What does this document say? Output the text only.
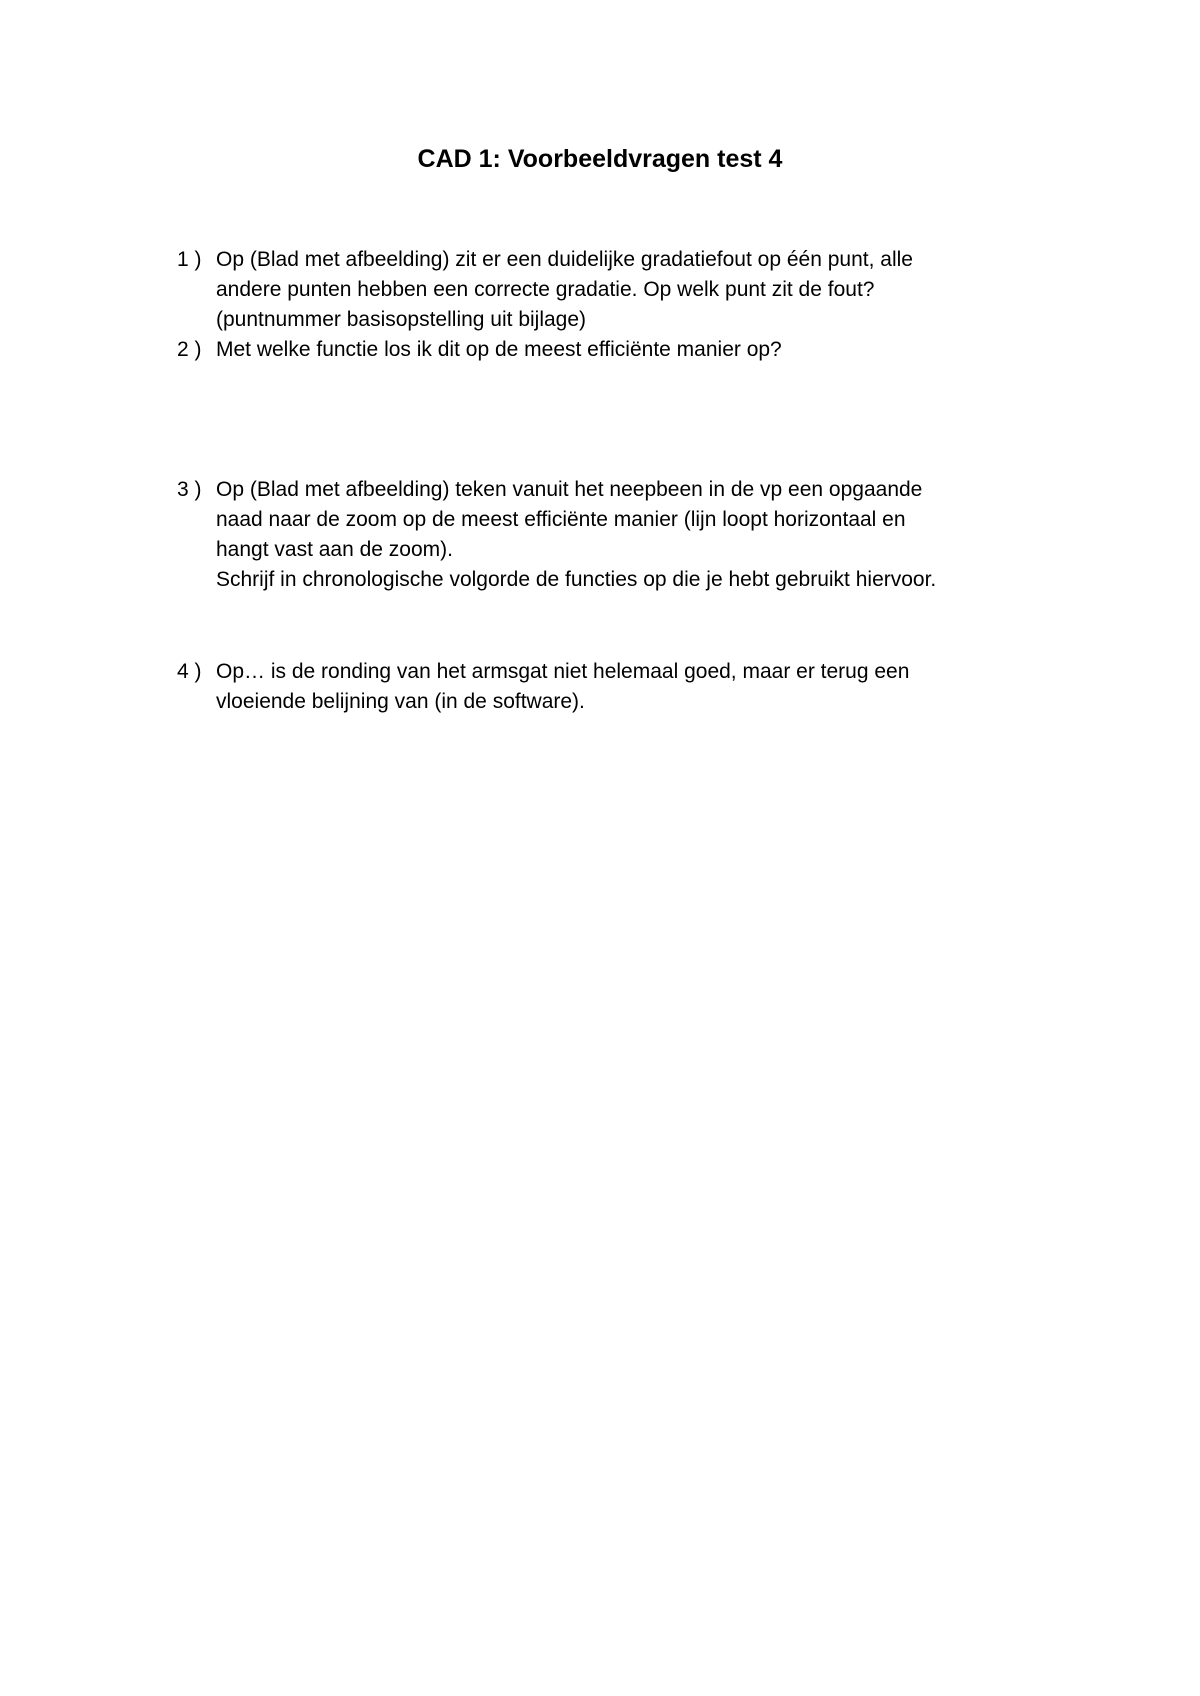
CAD 1: Voorbeeldvragen test 4
1 ) Op (Blad met afbeelding) zit er een duidelijke gradatiefout op één punt, alle
andere punten hebben een correcte gradatie. Op welk punt zit de fout?
(puntnummer basisopstelling uit bijlage)
2 ) Met welke functie los ik dit op de meest efficiënte manier op?
3 ) Op (Blad met afbeelding) teken vanuit het neepbeen in de vp een opgaande
naad naar de zoom op de meest efficiënte manier (lijn loopt horizontaal en
hangt vast aan de zoom).
Schrijf in chronologische volgorde de functies op die je hebt gebruikt hiervoor.
4 ) Op… is de ronding van het armsgat niet helemaal goed, maar er terug een
vloeiende belijning van (in de software).
